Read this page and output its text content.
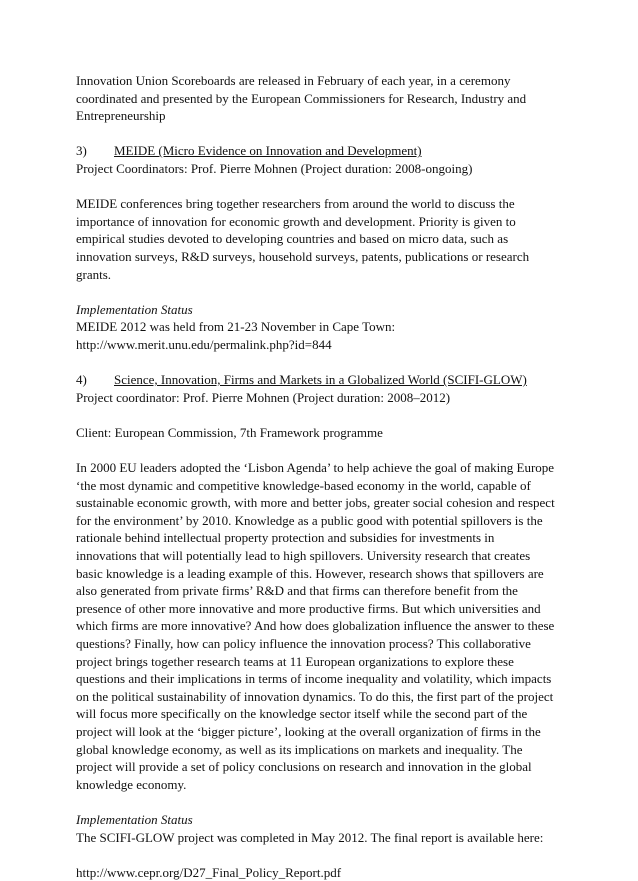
Innovation Union Scoreboards are released in February of each year, in a ceremony coordinated and presented by the European Commissioners for Research, Industry and Entrepreneurship

3) MEIDE (Micro Evidence on Innovation and Development)

Project Coordinators: Prof. Pierre Mohnen (Project duration: 2008-ongoing)

MEIDE conferences bring together researchers from around the world to discuss the importance of innovation for economic growth and development. Priority is given to empirical studies devoted to developing countries and based on micro data, such as innovation surveys, R&D surveys, household surveys, patents, publications or research grants.

Implementation Status

MEIDE 2012 was held from 21-23 November in Cape Town:

http://www.merit.unu.edu/permalink.php?id=844

4) Science, Innovation, Firms and Markets in a Globalized World (SCIFI-GLOW)

Project coordinator: Prof. Pierre Mohnen (Project duration: 2008–2012)

Client: European Commission, 7th Framework programme

In 2000 EU leaders adopted the ‘Lisbon Agenda’ to help achieve the goal of making Europe ‘the most dynamic and competitive knowledge-based economy in the world, capable of sustainable economic growth, with more and better jobs, greater social cohesion and respect for the environment’ by 2010. Knowledge as a public good with potential spillovers is the rationale behind intellectual property protection and subsidies for investments in innovations that will potentially lead to high spillovers. University research that creates basic knowledge is a leading example of this. However, research shows that spillovers are also generated from private firms’ R&D and that firms can therefore benefit from the presence of other more innovative and more productive firms. But which universities and which firms are more innovative? And how does globalization influence the answer to these questions? Finally, how can policy influence the innovation process? This collaborative project brings together research teams at 11 European organizations to explore these questions and their implications in terms of income inequality and volatility, which impacts on the political sustainability of innovation dynamics. To do this, the first part of the project will focus more specifically on the knowledge sector itself while the second part of the project will look at the ‘bigger picture’, looking at the overall organization of firms in the global knowledge economy, as well as its implications on markets and inequality. The project will provide a set of policy conclusions on research and innovation in the global knowledge economy.

Implementation Status

The SCIFI-GLOW project was completed in May 2012. The final report is available here:

http://www.cepr.org/D27_Final_Policy_Report.pdf
